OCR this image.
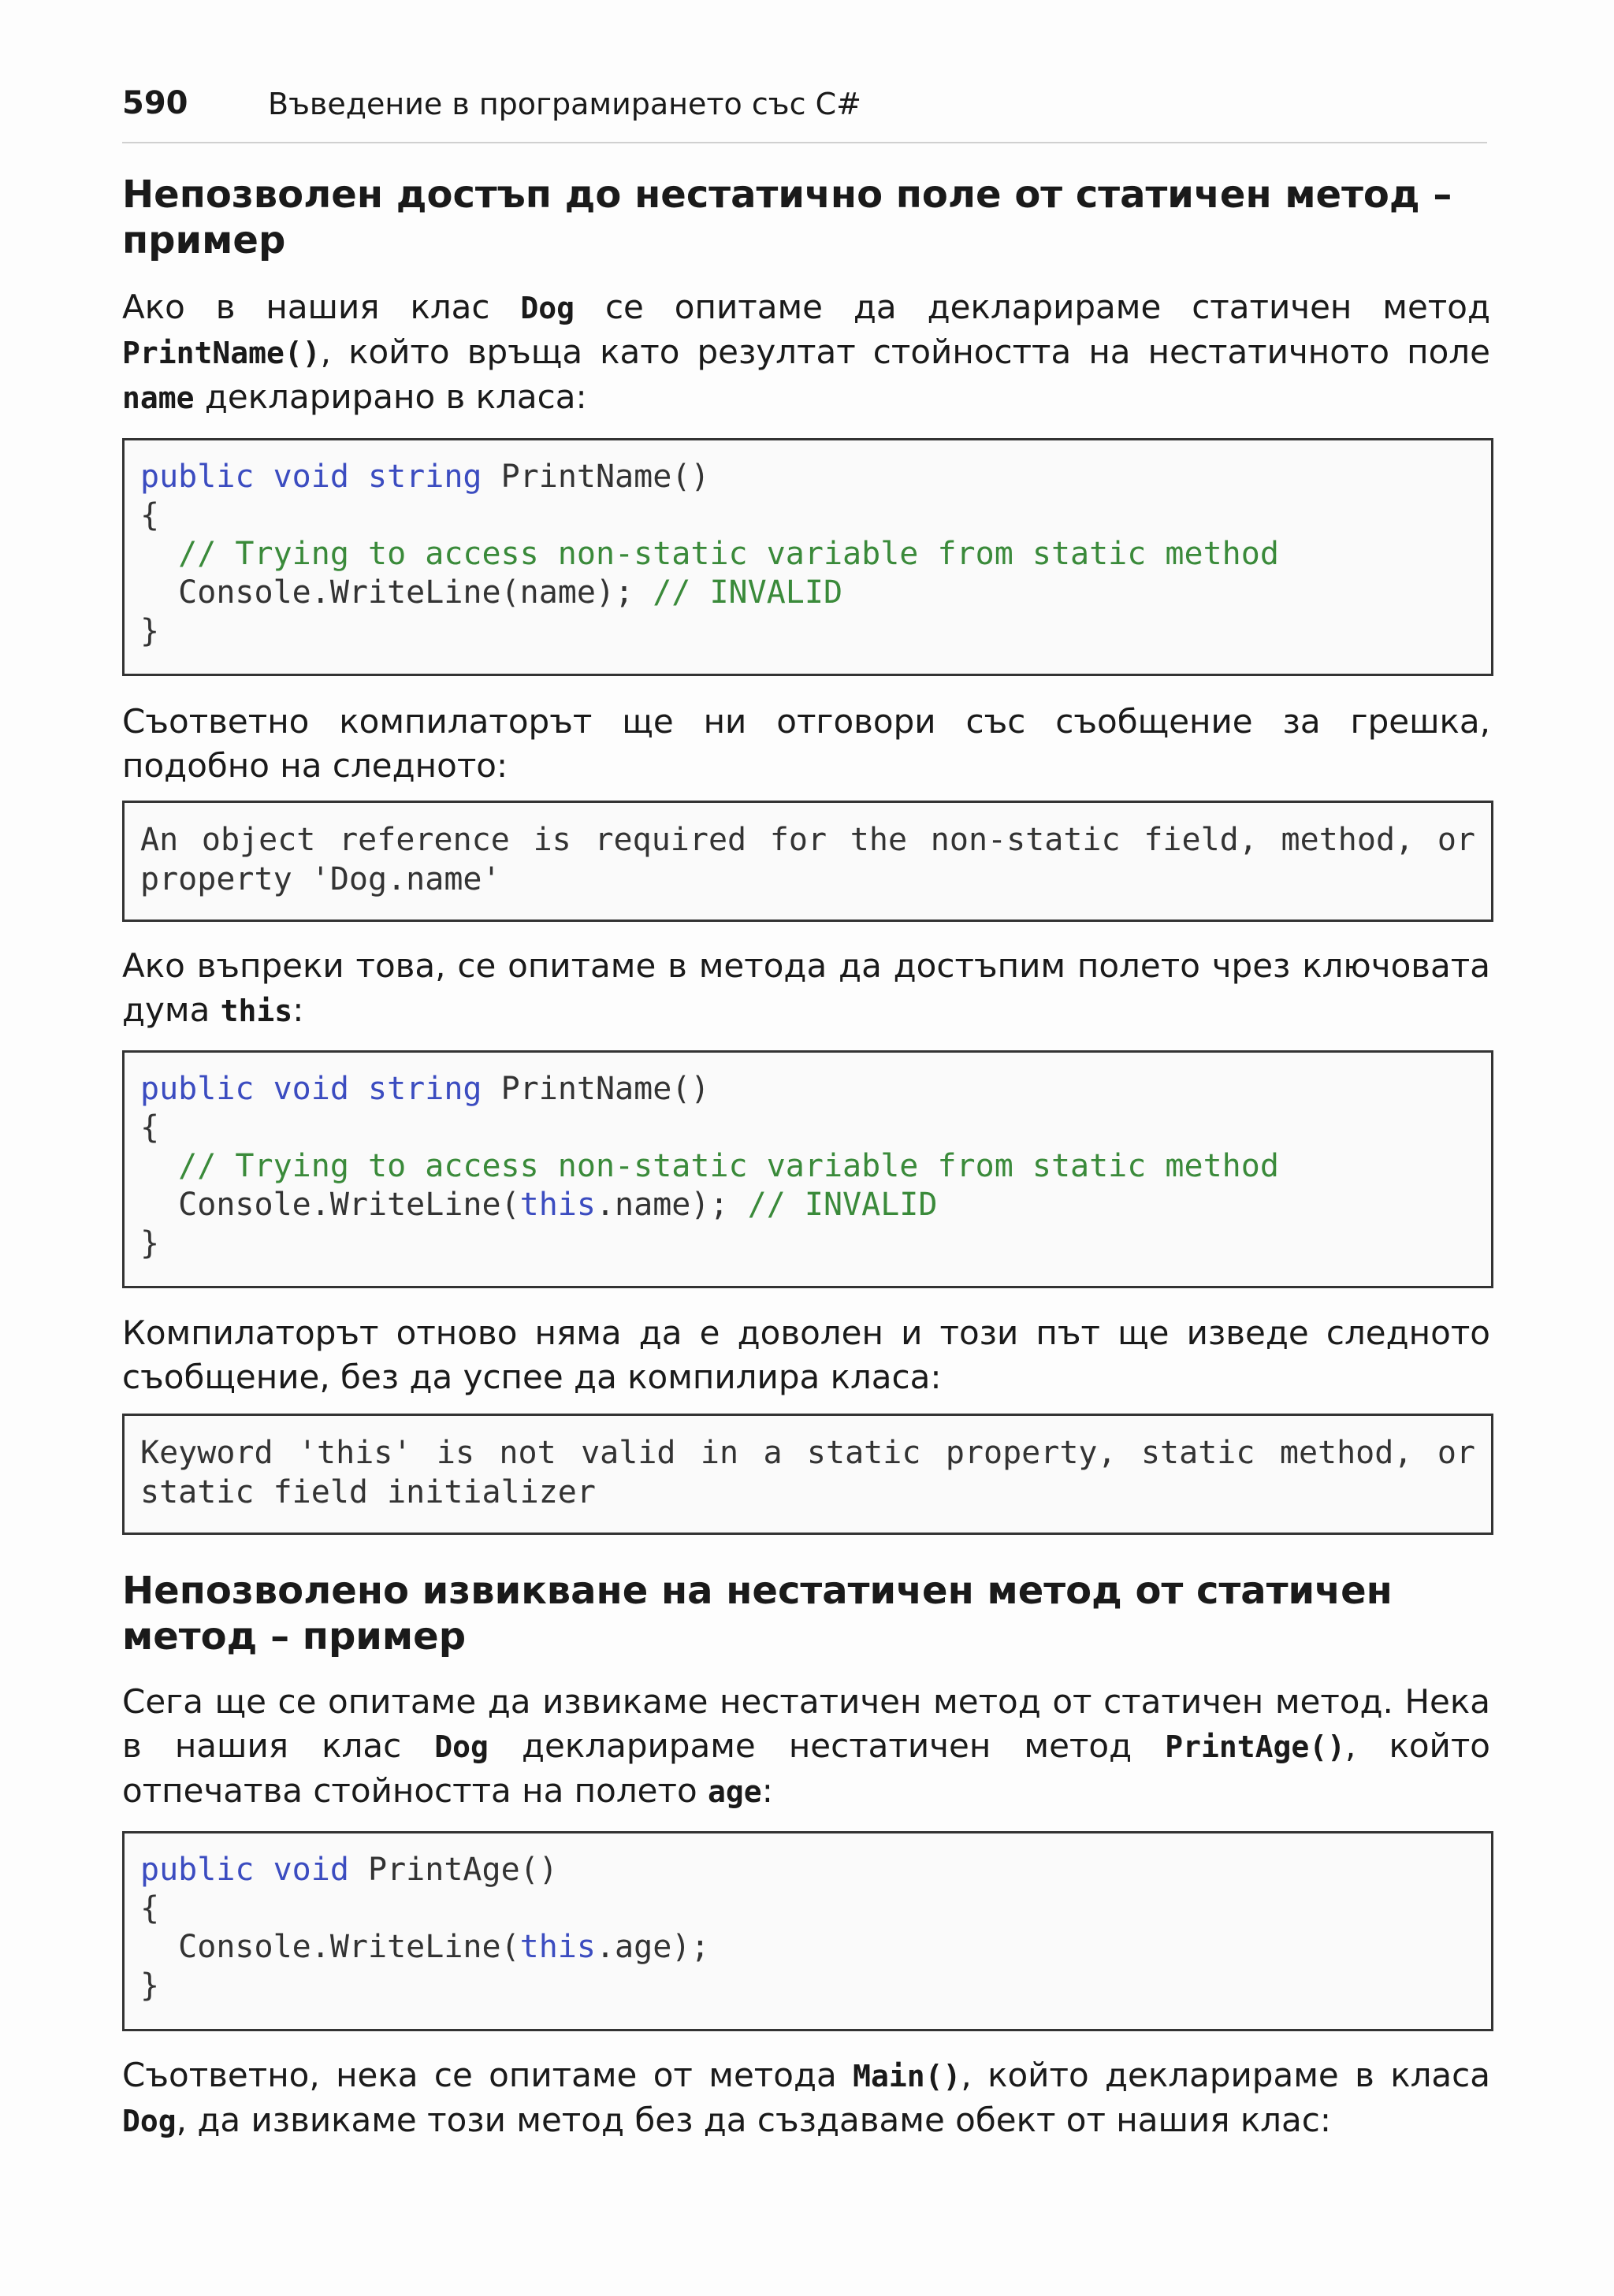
590	Въведение в програмирането със C#
Непозволен достъп до нестатично поле от статичен метод – пример

Ако в нашия клас Dog се опитаме да декларираме статичен метод PrintName(), който връща като резултат стойността на нестатичното поле name декларирано в класа:

public void string PrintName()
{
// Trying to access non-static variable from static method
Console.WriteLine(name); // INVALID
}

Съответно компилаторът ще ни отговори със съобщение за грешка, подобно на следното:

An object reference is required for the non-static field, method, or property 'Dog.name'

Ако въпреки това, се опитаме в метода да достъпим полето чрез ключовата дума this:

public void string PrintName()
{
// Trying to access non-static variable from static method
Console.WriteLine(this.name); // INVALID
}

Компилаторът отново няма да е доволен и този път ще изведе следното съобщение, без да успее да компилира класа:

Keyword 'this' is not valid in a static property, static method, or static field initializer

Непозволено извикване на нестатичен метод от статичен метод – пример

Сега ще се опитаме да извикаме нестатичен метод от статичен метод. Нека в нашия клас Dog декларираме нестатичен метод PrintAge(), който отпечатва стойността на полето age:

public void PrintAge()
{
Console.WriteLine(this.age);
}

Съответно, нека се опитаме от метода Main(), който декларираме в класа Dog, да извикаме този метод без да създаваме обект от нашия клас:
